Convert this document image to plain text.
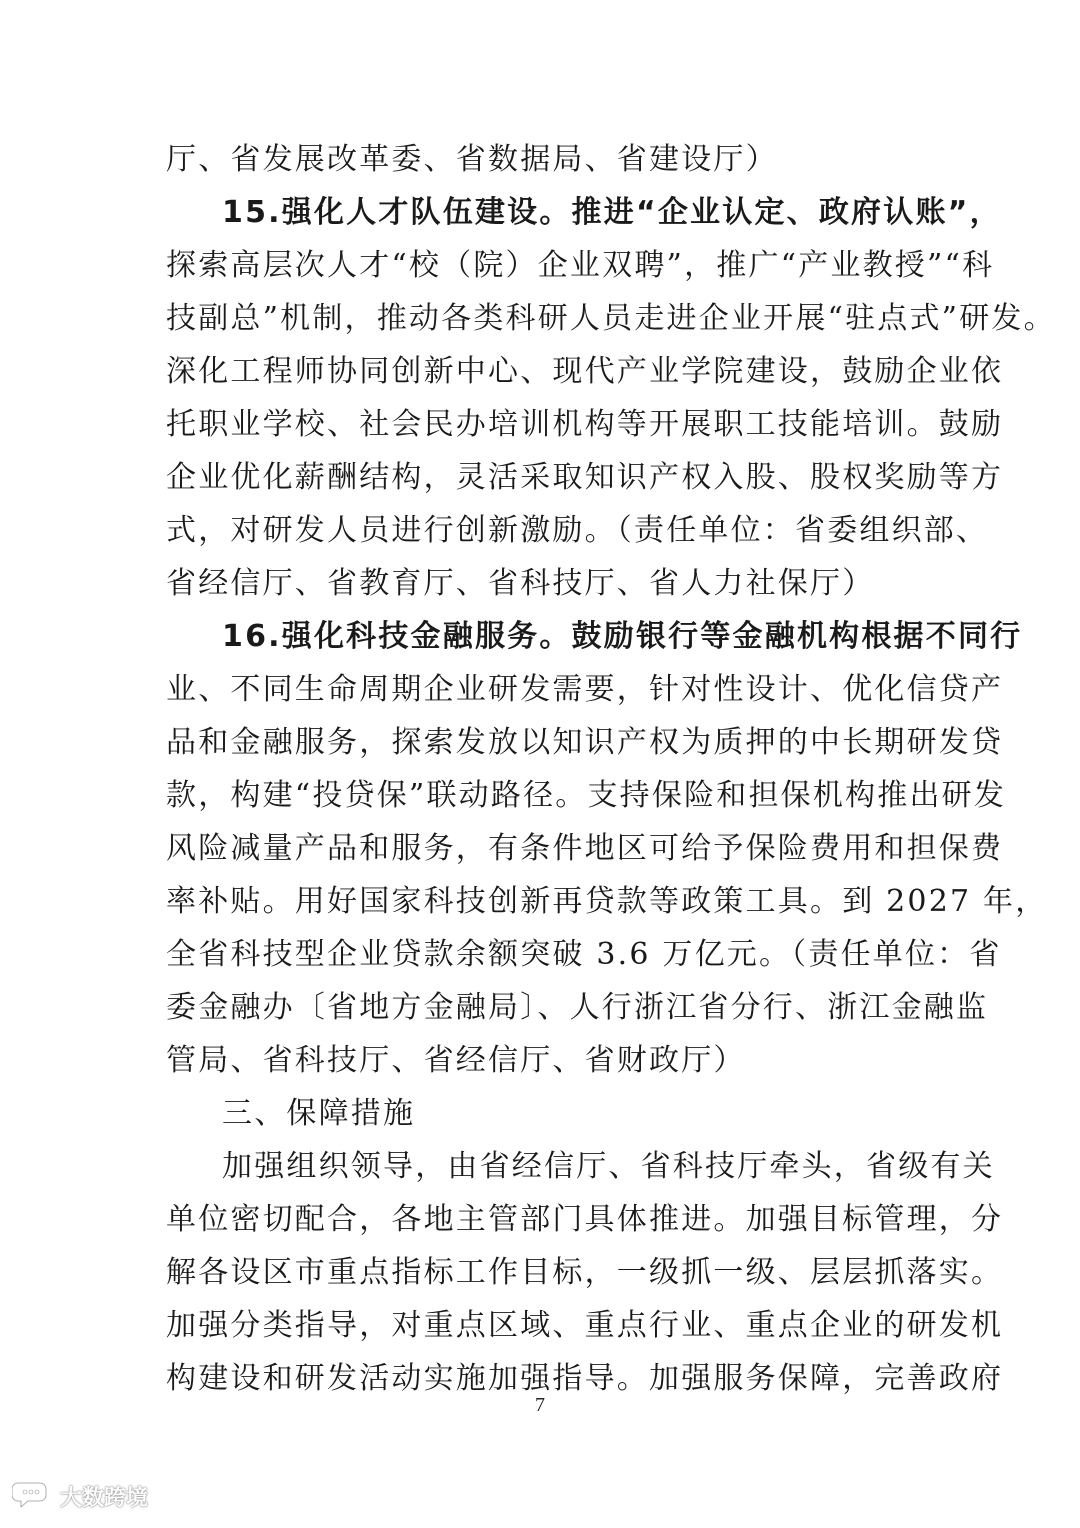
厅、省发展改革委、省数据局、省建设厅）
15.强化人才队伍建设。推进“企业认定、政府认账”，
探索高层次人才“校（院）企业双聘”，推广“产业教授”“科
技副总”机制，推动各类科研人员走进企业开展“驻点式”研发。
深化工程师协同创新中心、现代产业学院建设，鼓励企业依
托职业学校、社会民办培训机构等开展职工技能培训。鼓励
企业优化薪酬结构，灵活采取知识产权入股、股权奖励等方
式，对研发人员进行创新激励。（责任单位：省委组织部、
省经信厅、省教育厅、省科技厅、省人力社保厅）
16.强化科技金融服务。鼓励银行等金融机构根据不同行
业、不同生命周期企业研发需要，针对性设计、优化信贷产
品和金融服务，探索发放以知识产权为质押的中长期研发贷
款，构建“投贷保”联动路径。支持保险和担保机构推出研发
风险减量产品和服务，有条件地区可给予保险费用和担保费
率补贴。用好国家科技创新再贷款等政策工具。到 2027 年，
全省科技型企业贷款余额突破 3.6 万亿元。（责任单位：省
委金融办〔省地方金融局〕、人行浙江省分行、浙江金融监
管局、省科技厅、省经信厅、省财政厅）
三、保障措施
加强组织领导，由省经信厅、省科技厅牵头，省级有关
单位密切配合，各地主管部门具体推进。加强目标管理，分
解各设区市重点指标工作目标，一级抓一级、层层抓落实。
加强分类指导，对重点区域、重点行业、重点企业的研发机
构建设和研发活动实施加强指导。加强服务保障，完善政府
7
大数跨境
